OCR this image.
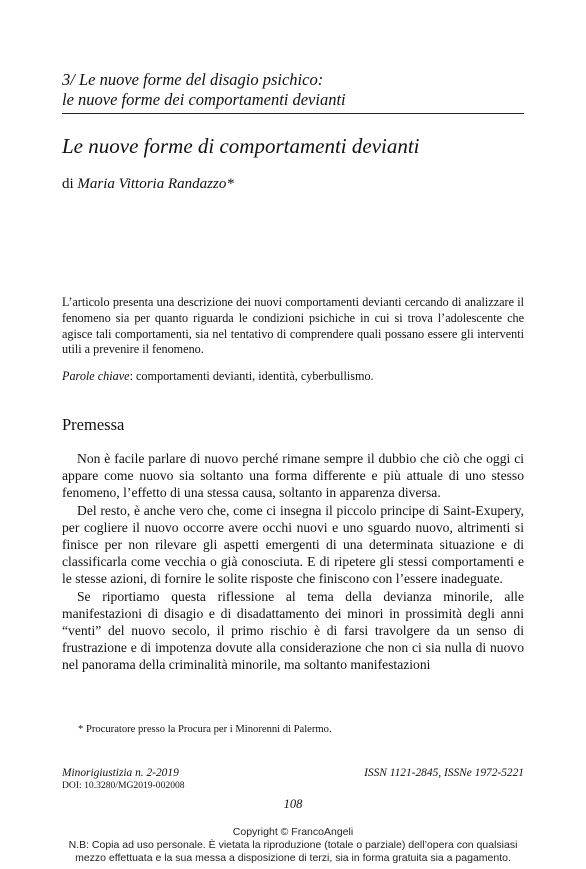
3/ Le nuove forme del disagio psichico:
le nuove forme dei comportamenti devianti
Le nuove forme di comportamenti devianti
di Maria Vittoria Randazzo*
L’articolo presenta una descrizione dei nuovi comportamenti devianti cercando di analizzare il fenomeno sia per quanto riguarda le condizioni psichiche in cui si trova l’adolescente che agisce tali comportamenti, sia nel tentativo di comprendere quali possano essere gli interventi utili a prevenire il fenomeno.
Parole chiave: comportamenti devianti, identità, cyberbullismo.
Premessa

Non è facile parlare di nuovo perché rimane sempre il dubbio che ciò che oggi ci appare come nuovo sia soltanto una forma differente e più attuale di uno stesso fenomeno, l’effetto di una stessa causa, soltanto in apparenza diversa.

Del resto, è anche vero che, come ci insegna il piccolo principe di Saint-Exupery, per cogliere il nuovo occorre avere occhi nuovi e uno sguardo nuovo, altrimenti si finisce per non rilevare gli aspetti emergenti di una determinata situazione e di classificarla come vecchia o già conosciuta. E di ripetere gli stessi comportamenti e le stesse azioni, di fornire le solite risposte che finiscono con l’essere inadeguate.

Se riportiamo questa riflessione al tema della devianza minorile, alle manifestazioni di disagio e di disadattamento dei minori in prossimità degli anni “venti” del nuovo secolo, il primo rischio è di farsi travolgere da un senso di frustrazione e di impotenza dovute alla considerazione che non ci sia nulla di nuovo nel panorama della criminalità minorile, ma soltanto manifestazioni

* Procuratore presso la Procura per i Minorenni di Palermo.
Minorigiustizia n. 2-2019	ISSN 1121-2845, ISSNe 1972-5221
DOI: 10.3280/MG2019-002008
108
Copyright © FrancoAngeli
N.B: Copia ad uso personale. È vietata la riproduzione (totale o parziale) dell’opera con qualsiasi
mezzo effettuata e la sua messa a disposizione di terzi, sia in forma gratuita sia a pagamento.
